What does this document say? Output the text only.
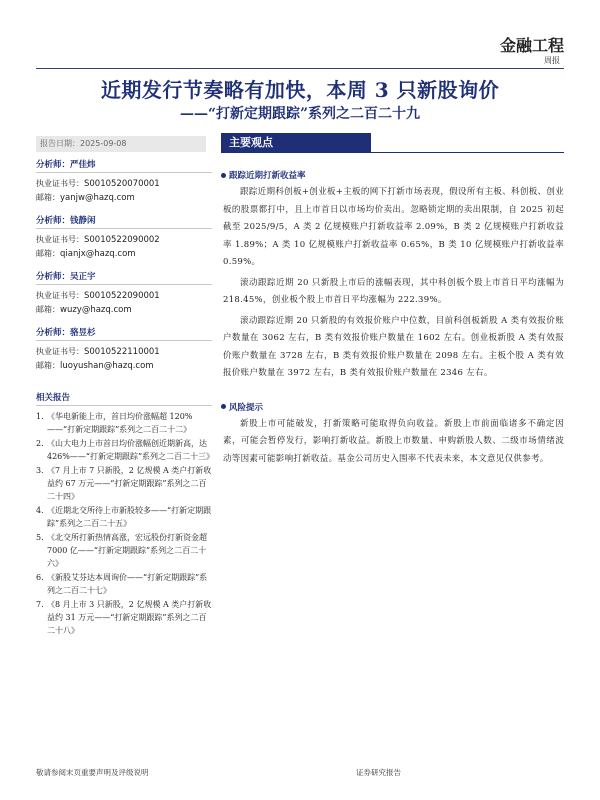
金融工程
周报
近期发行节奏略有加快，本周 3 只新股询价
——“打新定期跟踪”系列之二百二十九
报告日期：2025-09-08
分析师：严佳炜
执业证书号：S0010520070001
邮箱：yanjw@hazq.com
分析师：钱静闲
执业证书号：S0010522090002
邮箱：qianjx@hazq.com
分析师：吴正宇
执业证书号：S0010522090001
邮箱：wuzy@hazq.com
分析师：骆昱杉
执业证书号：S0010522110001
邮箱：luoyushan@hazq.com
相关报告
1. 《华电新能上市，首日均价涨幅超 120%——“打新定期跟踪”系列之二百二十二》
2. 《山大电力上市首日均价涨幅创近期新高，达 426%——“打新定期跟踪”系列之二百二十三》
3. 《7 月上市 7 只新股，2 亿规模 A 类户打新收益约 67 万元——“打新定期跟踪”系列之二百二十四》
4. 《近期北交所待上市新股较多——“打新定期跟踪”系列之二百二十五》
5. 《北交所打新热情高涨，宏远股份打新资金超 7000 亿——“打新定期跟踪”系列之二百二十六》
6. 《新股艾芬达本周询价——“打新定期跟踪”系列之二百二十七》
7. 《8 月上市 3 只新股，2 亿规模 A 类户打新收益约 31 万元——“打新定期跟踪”系列之二百二十八》
主要观点
跟踪近期打新收益率

跟踪近期科创板+创业板+主板的网下打新市场表现，假设所有主板、科创板、创业板的股票都打中，且上市首日以市场均价卖出。忽略锁定期的卖出限制，自 2025 初起截至 2025/9/5，A 类 2 亿规模账户打新收益率 2.09%，B 类 2 亿规模账户打新收益率 1.89%；A 类 10 亿规模账户打新收益率 0.65%，B 类 10 亿规模账户打新收益率 0.59%。

滚动跟踪近期 20 只新股上市后的涨幅表现，其中科创板个股上市首日平均涨幅为 218.45%，创业板个股上市首日平均涨幅为 222.39%。

滚动跟踪近期 20 只新股的有效报价账户中位数，目前科创板新股 A 类有效报价账户数量在 3062 左右，B 类有效报价账户数量在 1602 左右。创业板新股 A 类有效报价账户数量在 3728 左右，B 类有效报价账户数量在 2098 左右。主板个股 A 类有效报价账户数量在 3972 左右，B 类有效报价账户数量在 2346 左右。

风险提示

新股上市可能破发，打新策略可能取得负向收益。新股上市前面临诸多不确定因素，可能会暂停发行，影响打新收益。新股上市数量、申购新股人数、二级市场情绪波动等因素可能影响打新收益。基金公司历史入围率不代表未来，本文意见仅供参考。

敬请参阅末页重要声明及评级说明	证券研究报告
